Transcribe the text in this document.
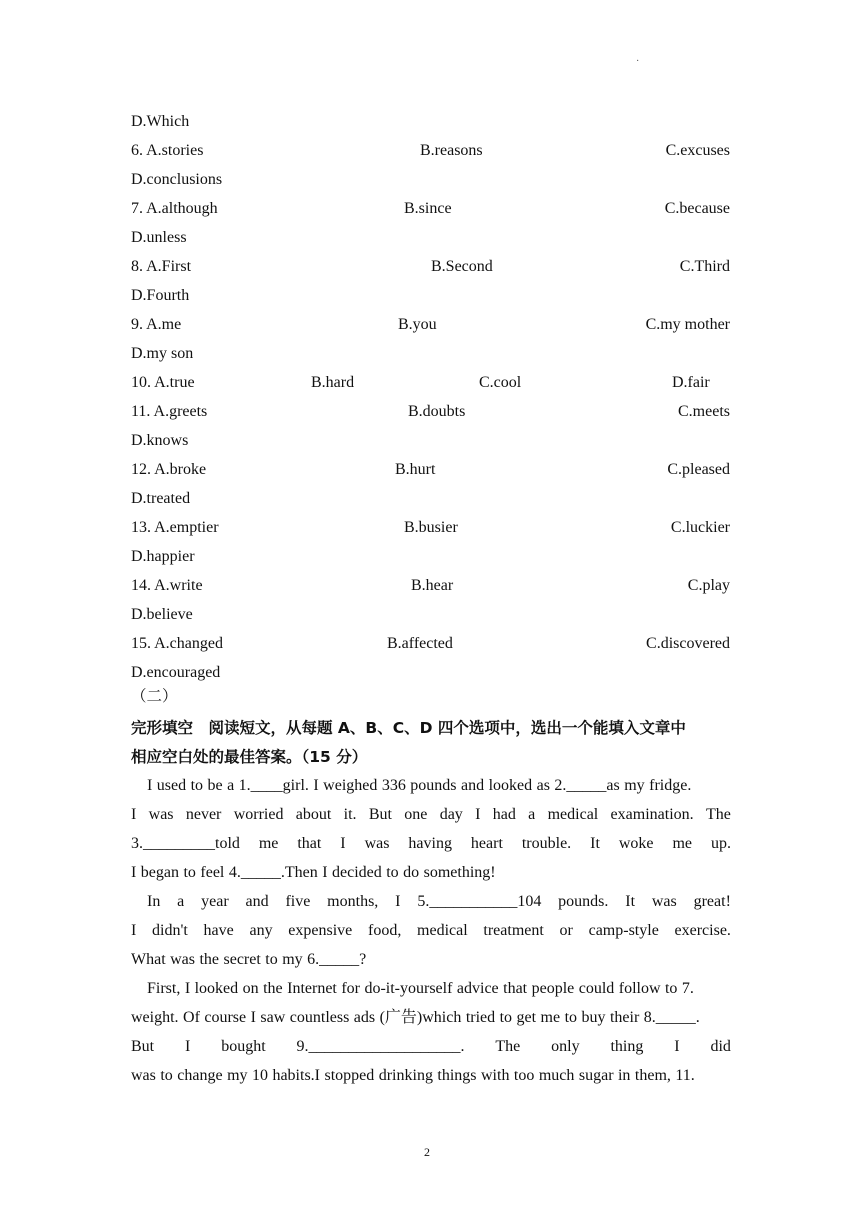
·
D.Which
6. A.stories	B.reasons	C.excuses
D.conclusions
7. A.although	B.since	C.because
D.unless
8. A.First	B.Second	C.Third
D.Fourth
9. A.me	B.you	C.my mother
D.my son
10. A.true	B.hard	C.cool	D.fair
11. A.greets	B.doubts	C.meets
D.knows
12. A.broke	B.hurt	C.pleased
D.treated
13. A.emptier	B.busier	C.luckier
D.happier
14. A.write	B.hear	C.play
D.believe
15. A.changed	B.affected	C.discovered
D.encouraged
（二）
完形填空　阅读短文，从每题 A、B、C、D 四个选项中，选出一个能填入文章中
相应空白处的最佳答案。（15 分）
I used to be a 1.____girl. I weighed 336 pounds and looked as 2._____as my fridge.
I was never worried about it. But one day I had a medical examination. The
3._________told me that I was having heart trouble. It woke me up.
I began to feel 4._____.Then I decided to do something!
In a year and five months, I 5.___________104 pounds. It was great!
I didn't have any expensive food, medical treatment or camp-style exercise.
What was the secret to my 6._____?
First, I looked on the Internet for do-it-yourself advice that people could follow to 7.
weight. Of course I saw countless ads (广告)which tried to get me to buy their 8._____.
But I bought 9.___________________. The only thing I did
was to change my 10 habits.I stopped drinking things with too much sugar in them, 11.
2
